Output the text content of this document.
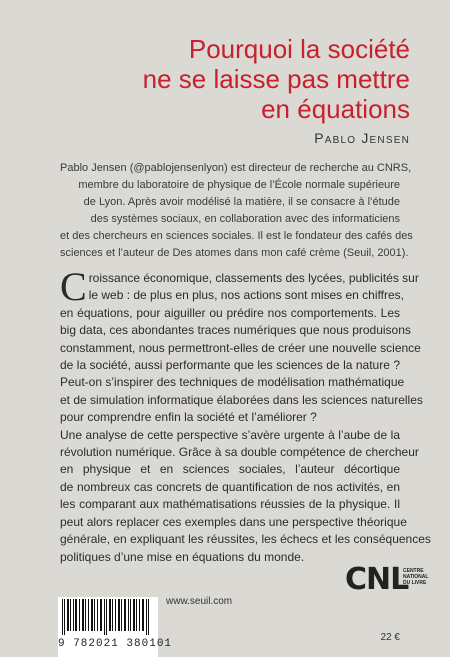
Pourquoi la société
ne se laisse pas mettre
en équations
Pablo Jensen
Pablo Jensen (@pablojensenlyon) est directeur de recherche au CNRS,
membre du laboratoire de physique de l’École normale supérieure
de Lyon. Après avoir modélisé la matière, il se consacre à l’étude
des systèmes sociaux, en collaboration avec des informaticiens
et des chercheurs en sciences sociales. Il est le fondateur des cafés des
sciences et l’auteur de Des atomes dans mon café crème (Seuil, 2001).
C roissance économique, classements des lycées, publicités sur
le web : de plus en plus, nos actions sont mises en chiffres,
en équations, pour aiguiller ou prédire nos comportements. Les
big data, ces abondantes traces numériques que nous produisons
constamment, nous permettront-elles de créer une nouvelle science
de la société, aussi performante que les sciences de la nature ?
Peut-on s’inspirer des techniques de modélisation mathématique
et de simulation informatique élaborées dans les sciences naturelles
pour comprendre enfin la société et l’améliorer ?
Une analyse de cette perspective s’avère urgente à l’aube de la
révolution numérique. Grâce à sa double compétence de chercheur
en physique et en sciences sociales, l’auteur décortique
de nombreux cas concrets de quantification de nos activités, en
les comparant aux mathématisations réussies de la physique. Il
peut alors replacer ces exemples dans une perspective théorique
générale, en expliquant les réussites, les échecs et les conséquences
politiques d’une mise en équations du monde.
CNL
CENTRE NATIONAL DU LIVRE
www.seuil.com
9 782021 380101
22 €
